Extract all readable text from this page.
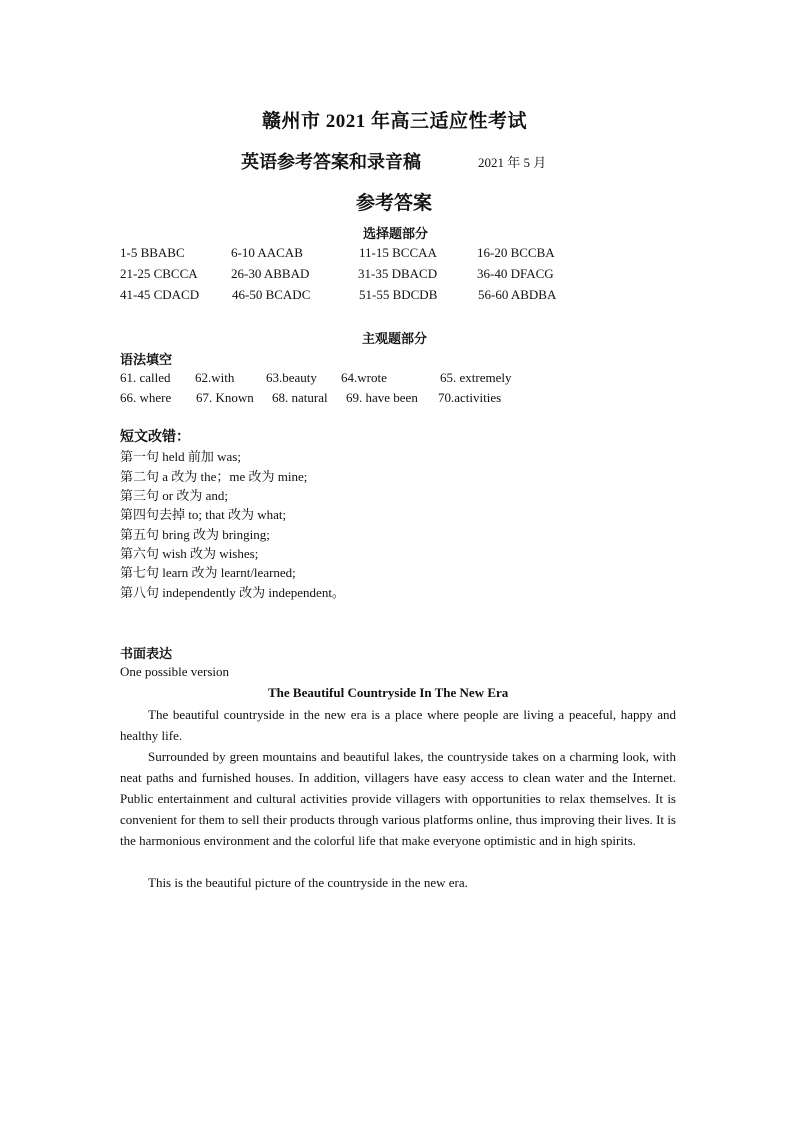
赣州市 2021 年高三适应性考试
英语参考答案和录音稿	2021 年 5 月
参考答案
选择题部分
1-5 BBABC	6-10 AACAB	11-15 BCCAA	16-20 BCCBA
21-25 CBCCA	26-30 ABBAD	31-35 DBACD	36-40 DFACG
41-45 CDACD	46-50 BCADC	51-55 BDCDB	56-60 ABDBA
主观题部分
语法填空
61. called 62.with 63.beauty 64.wrote	65. extremely
66. where 67. Known 68. natural 69. have been 70.activities
短文改错：
第一句 held 前加 was;
第二句 a 改为 the；me 改为 mine;
第三句 or 改为 and;
第四句去掉 to; that 改为 what;
第五句 bring 改为 bringing;
第六句 wish 改为 wishes;
第七句 learn 改为 learnt/learned;
第八句 independently 改为 independent。
书面表达
One possible version
The Beautiful Countryside In The New Era

The beautiful countryside in the new era is a place where people are living a peaceful, happy and healthy life.

Surrounded by green mountains and beautiful lakes, the countryside takes on a charming look, with neat paths and furnished houses. In addition, villagers have easy access to clean water and the Internet. Public entertainment and cultural activities provide villagers with opportunities to relax themselves. It is convenient for them to sell their products through various platforms online, thus improving their lives. It is the harmonious environment and the colorful life that make everyone optimistic and in high spirits.

This is the beautiful picture of the countryside in the new era.
